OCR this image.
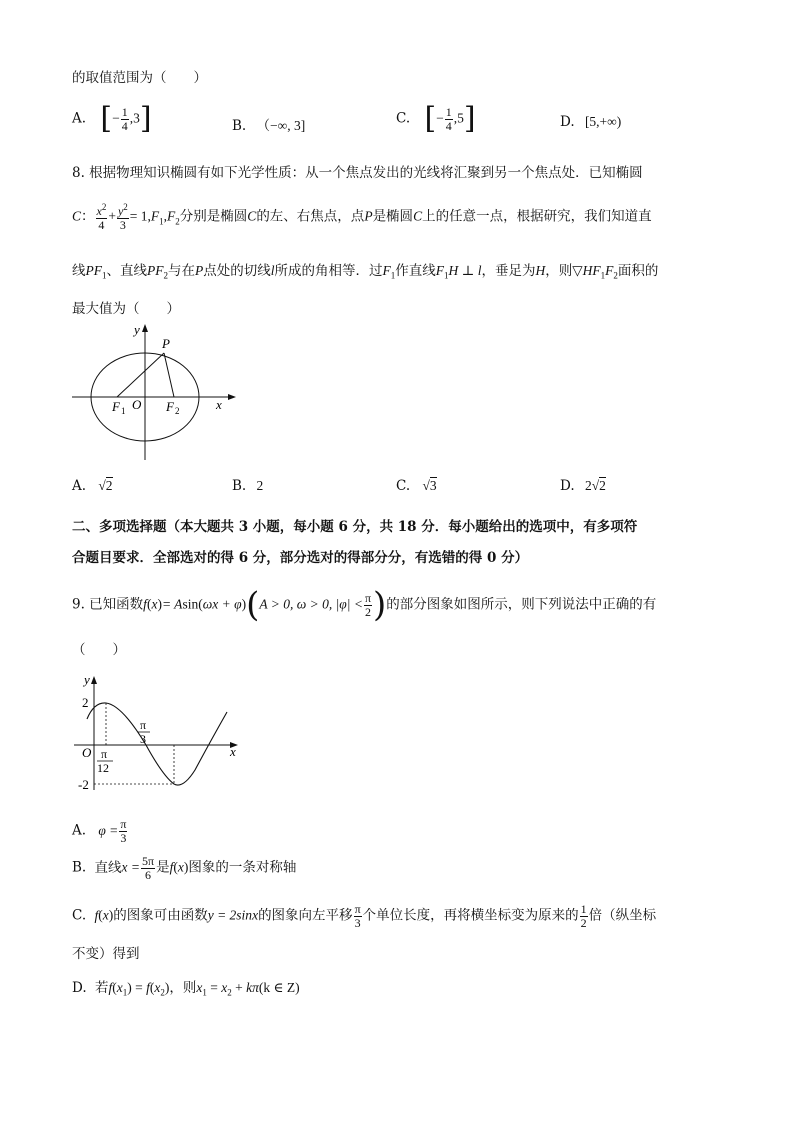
的取值范围为（　　）
A. [− $\frac{1}{4} ,3$]	B. （−∞, 3]	C. [− $\frac{1}{4} ,5$]	D. [5,+∞)
8. 根据物理知识椭圆有如下光学性质：从一个焦点发出的光线将汇聚到另一个焦点处．已知椭圆
C： $\frac{x^2}{4} + \frac{y^2}{3} = 1,F_1,F_2$分别是椭圆C的左、右焦点，点P是椭圆C上的任意一点，根据研究，我们知道直
线$PF_1$、直线$PF_2$与在P点处的切线l所成的角相等．过$F_1$作直线$F_1H$ ⊥ l，垂足为H，则$▽HF_1F_2$面积的
最大值为（　　）
y
x
P
O
F 1	F 2
A. √2	B. 2	C. √3	D. 2√2
二、多项选择题（本大题共 3 小题，每小题 6 分，共 18 分．每小题给出的选项中，有多项符
合题目要求．全部选对的得 6 分，部分选对的得部分分，有选错的得 0 分）
9. 已知函数f(x)= Asin(ωx + φ)(A > 0, ω > 0, $|\varphi| < \frac{\pi}{2}$ )的部分图象如图所示，则下列说法中正确的有
（　　）
y
x
O
2
-2
π
12
π
3
A. $\varphi = \frac{\pi}{3}$
B. 直线$x = \frac{5\pi}{6}$ 是f(x)图象的一条对称轴
C. f(x)的图象可由函数y = 2sinx的图象向左平移 $\frac{\pi}{3}$ 个单位长度，再将横坐标变为原来的 $\frac{1}{2}$ 倍（纵坐标
不变）得到
D. 若$f(x_1) = f(x_2)$，则$x_1 = x_2 + k\pi(k$ ∈ Z)
